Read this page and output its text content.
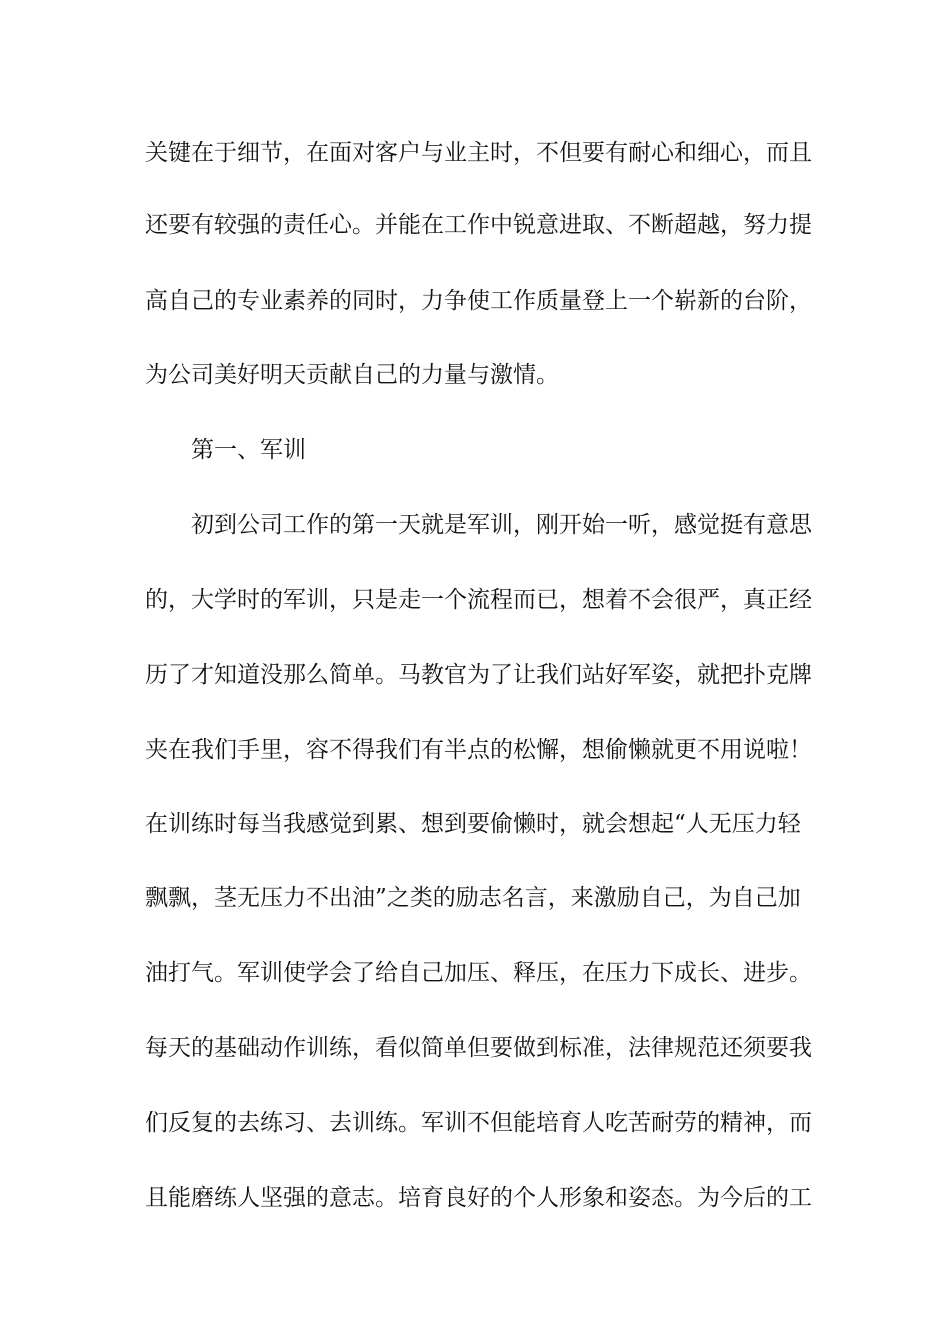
关键在于细节，在面对客户与业主时，不但要有耐心和细心，而且
还要有较强的责任心。并能在工作中锐意进取、不断超越，努力提
高自己的专业素养的同时，力争使工作质量登上一个崭新的台阶，
为公司美好明天贡献自己的力量与激情。
第一、军训
初到公司工作的第一天就是军训，刚开始一听，感觉挺有意思
的，大学时的军训，只是走一个流程而已，想着不会很严，真正经
历了才知道没那么简单。马教官为了让我们站好军姿，就把扑克牌
夹在我们手里，容不得我们有半点的松懈，想偷懒就更不用说啦！
在训练时每当我感觉到累、想到要偷懒时，就会想起“人无压力轻
飘飘，茎无压力不出油”之类的励志名言，来激励自己，为自己加
油打气。军训使学会了给自己加压、释压，在压力下成长、进步。
每天的基础动作训练，看似简单但要做到标准，法律规范还须要我
们反复的去练习、去训练。军训不但能培育人吃苦耐劳的精神，而
且能磨练人坚强的意志。培育良好的个人形象和姿态。为今后的工
